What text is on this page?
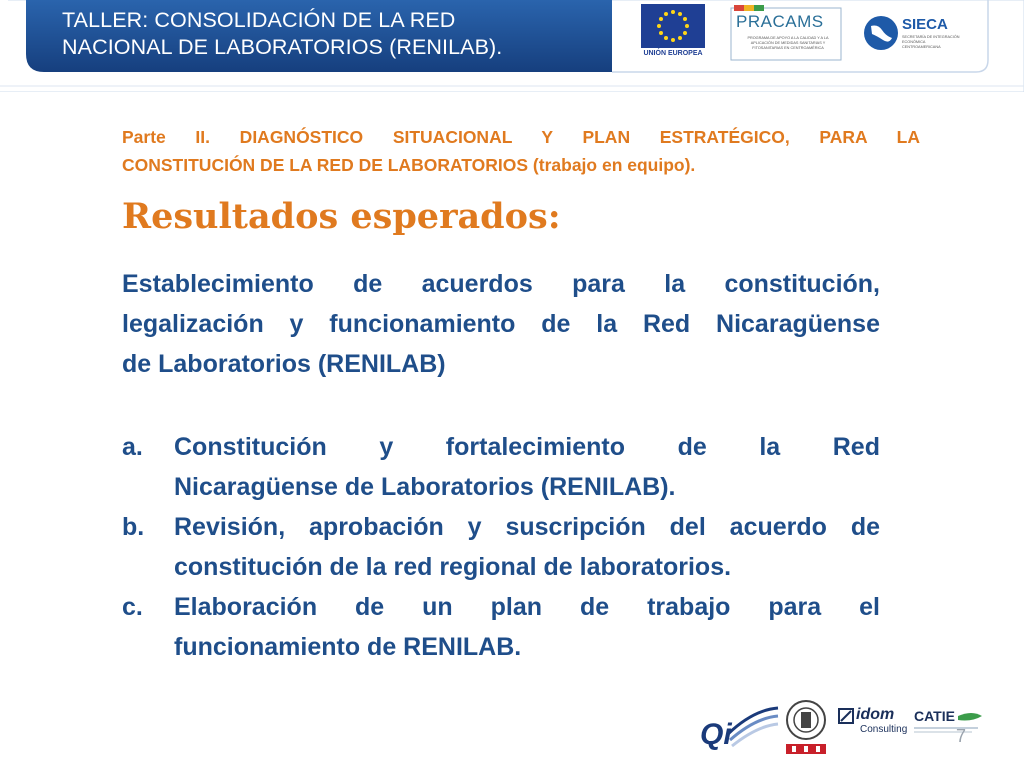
TALLER: CONSOLIDACIÓN DE LA RED
NACIONAL DE LABORATORIOS (RENILAB).	UNIÓN EUROPEA
PRACAMS
PROGRAMA DE APOYO A LA CALIDAD Y A LA APLICACIÓN DE MEDIDAS SANITARIAS Y FITOSANITARIAS EN CENTROAMÉRICA
SIECA
SECRETARÍA DE INTEGRACIÓN ECONÓMICA CENTROAMERICANA
Parte II. DIAGNÓSTICO SITUACIONAL Y PLAN ESTRATÉGICO, PARA LA
CONSTITUCIÓN DE LA RED DE LABORATORIOS (trabajo en equipo).
Resultados esperados:
Establecimiento de acuerdos para la constitución,
legalización y funcionamiento de la Red Nicaragüense
de Laboratorios (RENILAB)
a. Constitución y fortalecimiento de la Red
Nicaragüense de Laboratorios (RENILAB).
b. Revisión, aprobación y suscripción del acuerdo de
constitución de la red regional de laboratorios.
c. Elaboración de un plan de trabajo para el
funcionamiento de RENILAB.
Qi
idom
Consulting
CATIE
7
